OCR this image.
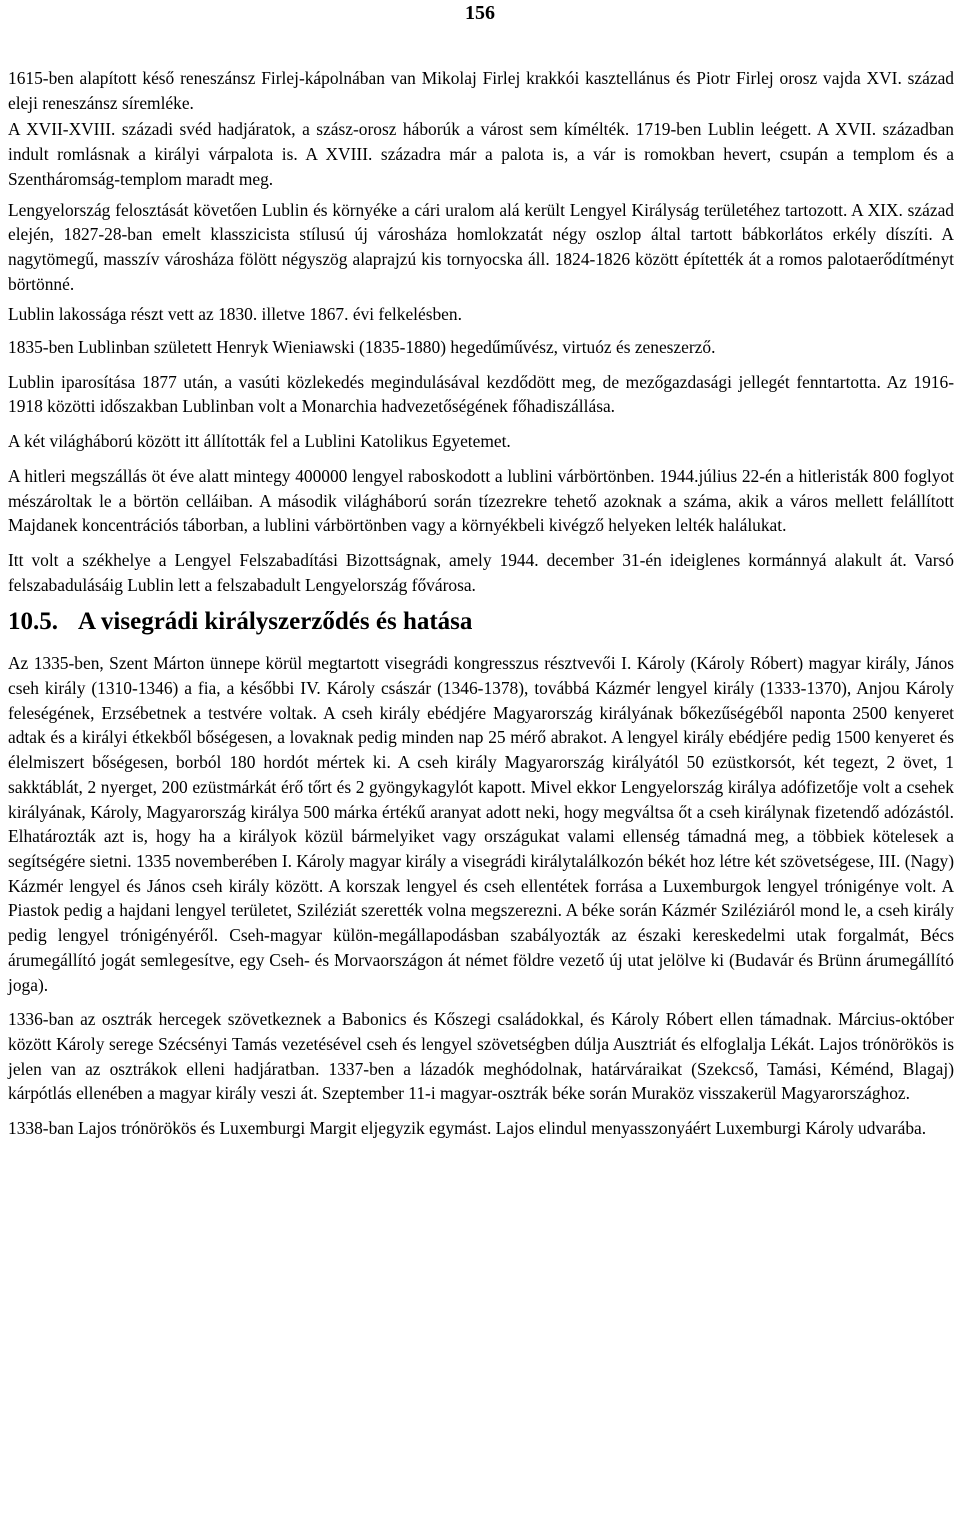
156

1615-ben alapított késő reneszánsz Firlej-kápolnában van Mikolaj Firlej krakkói kasztellánus és Piotr Firlej orosz vajda XVI. század eleji reneszánsz síremléke.

A XVII-XVIII. századi svéd hadjáratok, a szász-orosz háborúk a várost sem kímélték. 1719-ben Lublin leégett. A XVII. században indult romlásnak a királyi várpalota is. A XVIII. századra már a palota is, a vár is romokban hevert, csupán a templom és a Szentháromság-templom maradt meg.

Lengyelország felosztását követően Lublin és környéke a cári uralom alá került Lengyel Királyság területéhez tartozott. A XIX. század elején, 1827-28-ban emelt klasszicista stílusú új városháza homlokzatát négy oszlop által tartott bábkorlátos erkély díszíti. A nagytömegű, masszív városháza fölött négyszög alaprajzú kis tornyocska áll. 1824-1826 között építették át a romos palotaerődítményt börtönné.

Lublin lakossága részt vett az 1830. illetve 1867. évi felkelésben.

1835-ben Lublinban született Henryk Wieniawski (1835-1880) hegedűművész, virtuóz és zeneszerző.

Lublin iparosítása 1877 után, a vasúti közlekedés megindulásával kezdődött meg, de mezőgazdasági jellegét fenntartotta. Az 1916-1918 közötti időszakban Lublinban volt a Monarchia hadvezetőségének főhadiszállása.

A két világháború között itt állították fel a Lublini Katolikus Egyetemet.

A hitleri megszállás öt éve alatt mintegy 400000 lengyel raboskodott a lublini várbörtönben. 1944.július 22-én a hitleristák 800 foglyot mészároltak le a börtön celláiban. A második világháború során tízezrekre tehető azoknak a száma, akik a város mellett felállított Majdanek koncentrációs táborban, a lublini várbörtönben vagy a környékbeli kivégző helyeken lelték halálukat.

Itt volt a székhelye a Lengyel Felszabadítási Bizottságnak, amely 1944. december 31-én ideiglenes kormánnyá alakult át. Varsó felszabadulásáig Lublin lett a felszabadult Lengyelország fővárosa.

10.5. A visegrádi királyszerződés és hatása

Az 1335-ben, Szent Márton ünnepe körül megtartott visegrádi kongresszus résztvevői I. Károly (Károly Róbert) magyar király, János cseh király (1310-1346) a fia, a későbbi IV. Károly császár (1346-1378), továbbá Kázmér lengyel király (1333-1370), Anjou Károly feleségének, Erzsébetnek a testvére voltak. A cseh király ebédjére Magyarország királyának bőkezűségéből naponta 2500 kenyeret adtak és a királyi étkekből bőségesen, a lovaknak pedig minden nap 25 mérő abrakot. A lengyel király ebédjére pedig 1500 kenyeret és élelmiszert bőségesen, borból 180 hordót mértek ki. A cseh király Magyarország királyától 50 ezüstkorsót, két tegezt, 2 övet, 1 sakktáblát, 2 nyerget, 200 ezüstmárkát érő tőrt és 2 gyöngykagylót kapott. Mivel ekkor Lengyelország királya adófizetője volt a csehek királyának, Károly, Magyarország királya 500 márka értékű aranyat adott neki, hogy megváltsa őt a cseh királynak fizetendő adózástól. Elhatározták azt is, hogy ha a királyok közül bármelyiket vagy országukat valami ellenség támadná meg, a többiek kötelesek a segítségére sietni. 1335 novemberében I. Károly magyar király a visegrádi királytalálkozón békét hoz létre két szövetségese, III. (Nagy) Kázmér lengyel és János cseh király között. A korszak lengyel és cseh ellentétek forrása a Luxemburgok lengyel trónigénye volt. A Piastok pedig a hajdani lengyel területet, Sziléziát szerették volna megszerezni. A béke során Kázmér Sziléziáról mond le, a cseh király pedig lengyel trónigényéről. Cseh-magyar külön-megállapodásban szabályozták az északi kereskedelmi utak forgalmát, Bécs árumegállító jogát semlegesítve, egy Cseh- és Morvaországon át német földre vezető új utat jelölve ki (Budavár és Brünn árumegállító joga).

1336-ban az osztrák hercegek szövetkeznek a Babonics és Kőszegi családokkal, és Károly Róbert ellen támadnak. Március-október között Károly serege Szécsényi Tamás vezetésével cseh és lengyel szövetségben dúlja Ausztriát és elfoglalja Lékát. Lajos trónörökös is jelen van az osztrákok elleni hadjáratban. 1337-ben a lázadók meghódolnak, határváraikat (Szekcső, Tamási, Kéménd, Blagaj) kárpótlás ellenében a magyar király veszi át. Szeptember 11-i magyar-osztrák béke során Muraköz visszakerül Magyarországhoz.

1338-ban Lajos trónörökös és Luxemburgi Margit eljegyzik egymást. Lajos elindul menyasszonyáért Luxemburgi Károly udvarába.
